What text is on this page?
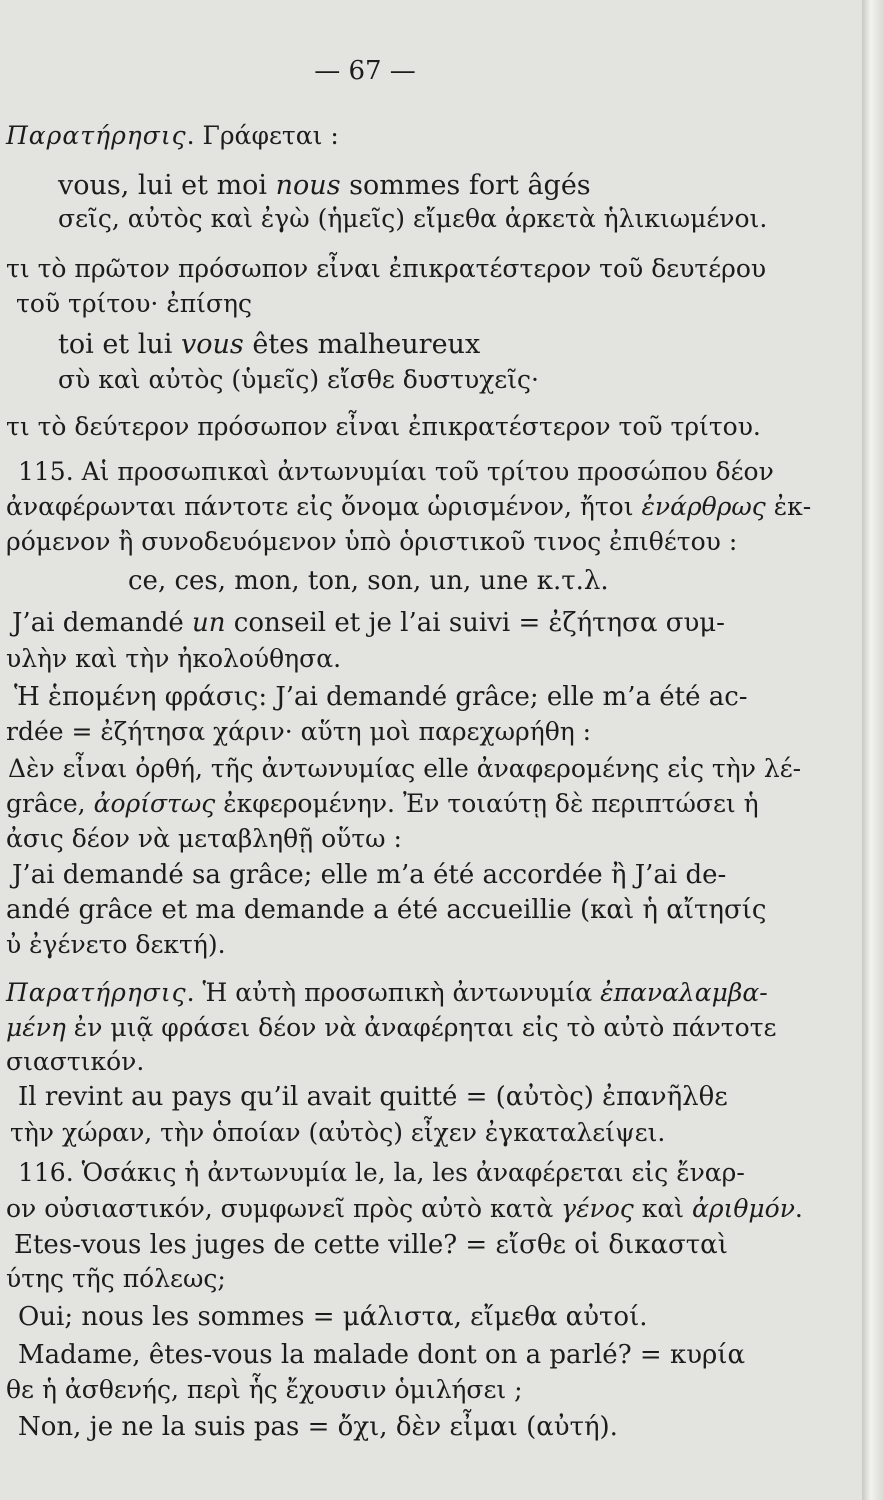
— 67 —
Παρατήρησις. Γράφεται :
vous, lui et moi nous sommes fort âgés
σεῖς, αὐτὸς καὶ ἐγὼ (ἡμεῖς) εἴμεθα ἀρκετὰ ἡλικιωμένοι.
τι τὸ πρῶτον πρόσωπον εἶναι ἐπικρατέστερον τοῦ δευτέρου
τοῦ τρίτου· ἐπίσης
toi et lui vous êtes malheureux
σὺ καὶ αὐτὸς (ὑμεῖς) εἴσθε δυστυχεῖς·
τι τὸ δεύτερον πρόσωπον εἶναι ἐπικρατέστερον τοῦ τρίτου.
115. Αἱ προσωπικαὶ ἀντωνυμίαι τοῦ τρίτου προσώπου δέον
ἀναφέρωνται πάντοτε εἰς ὄνομα ὡρισμένον, ἤτοι ἐνάρθρως ἐκ-
ρόμενον ἢ συνοδευόμενον ὑπὸ ὁριστικοῦ τινος ἐπιθέτου :
ce, ces, mon, ton, son, un, une κ.τ.λ.
J’ai demandé un conseil et je l’ai suivi = ἐζήτησα συμ-
υλὴν καὶ τὴν ἠκολούθησα.
Ἡ ἑπομένη φράσις: J’ai demandé grâce; elle m’a été ac-
rdée = ἐζήτησα χάριν· αὕτη μοὶ παρεχωρήθη :
Δὲν εἶναι ὀρθή, τῆς ἀντωνυμίας elle ἀναφερομένης εἰς τὴν λέ-
grâce, ἀορίστως ἐκφερομένην. Ἐν τοιαύτῃ δὲ περιπτώσει ἡ
ἀσις δέον νὰ μεταβληθῇ οὕτω :
J’ai demandé sa grâce; elle m’a été accordée ἢ J’ai de-
andé grâce et ma demande a été accueillie (καὶ ἡ αἴτησίς
ὐ ἐγένετο δεκτή).
Παρατήρησις. Ἡ αὐτὴ προσωπικὴ ἀντωνυμία ἐπαναλαμβα-
μένη ἐν μιᾷ φράσει δέον νὰ ἀναφέρηται εἰς τὸ αὐτὸ πάντοτε
σιαστικόν.
Il revint au pays qu’il avait quitté = (αὐτὸς) ἐπανῆλθε
τὴν χώραν, τὴν ὁποίαν (αὐτὸς) εἶχεν ἐγκαταλείψει.
116. Ὁσάκις ἡ ἀντωνυμία le, la, les ἀναφέρεται εἰς ἔναρ-
ον οὐσιαστικόν, συμφωνεῖ πρὸς αὐτὸ κατὰ γένος καὶ ἀριθμόν.
Etes-vous les juges de cette ville? = εἴσθε οἱ δικασταὶ
ύτης τῆς πόλεως;
Oui; nous les sommes = μάλιστα, εἴμεθα αὐτοί.
Madame, êtes-vous la malade dont on a parlé? = κυρία
θε ἡ ἀσθενής, περὶ ἧς ἔχουσιν ὁμιλήσει ;
Non, je ne la suis pas = ὄχι, δὲν εἶμαι (αὐτή).
